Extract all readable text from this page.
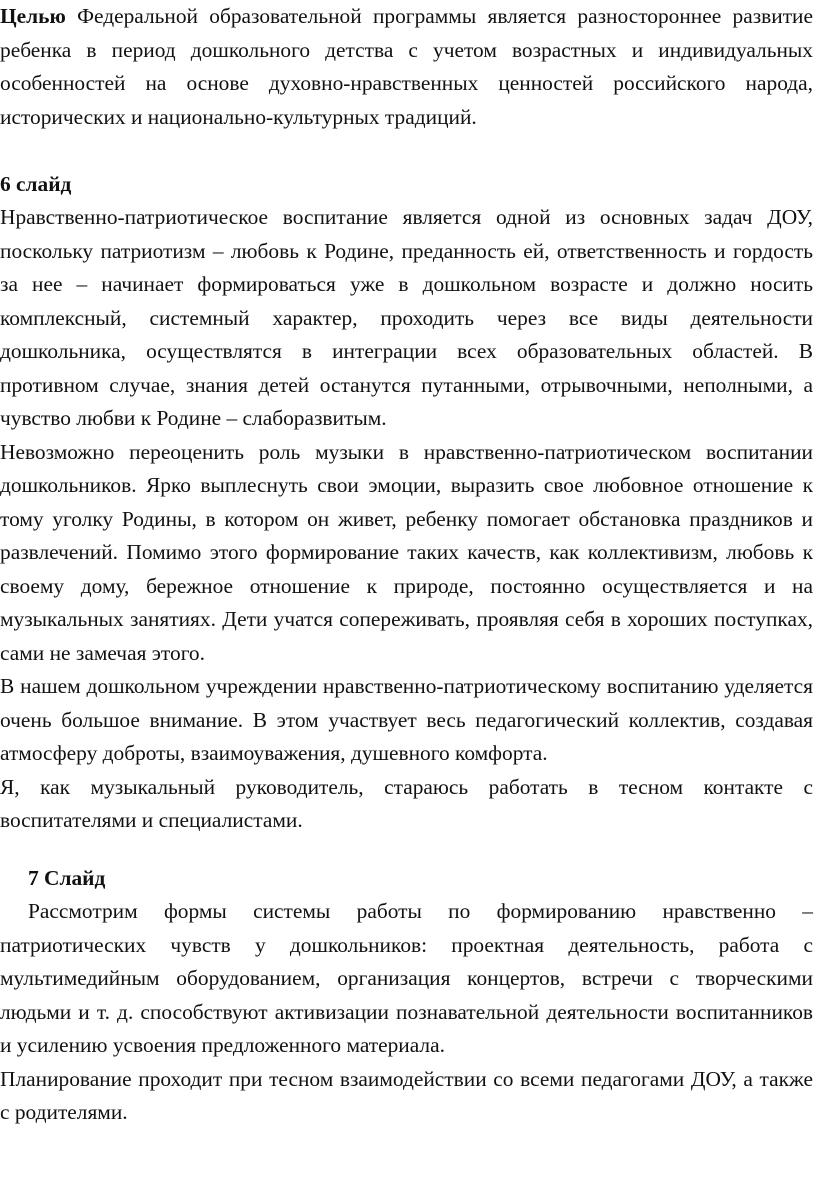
Целью Федеральной образовательной программы является разностороннее развитие ребенка в период дошкольного детства с учетом возрастных и индивидуальных особенностей на основе духовно-нравственных ценностей российского народа, исторических и национально-культурных традиций.

6 слайд

Нравственно-патриотическое воспитание является одной из основных задач ДОУ, поскольку патриотизм – любовь к Родине, преданность ей, ответственность и гордость за нее – начинает формироваться уже в дошкольном возрасте и должно носить комплексный, системный характер, проходить через все виды деятельности дошкольника, осуществлятся в интеграции всех образовательных областей. В противном случае, знания детей останутся путанными, отрывочными, неполными, а чувство любви к Родине – слаборазвитым.

Невозможно переоценить роль музыки в нравственно-патриотическом воспитании дошкольников. Ярко выплеснуть свои эмоции, выразить свое любовное отношение к тому уголку Родины, в котором он живет, ребенку помогает обстановка праздников и развлечений. Помимо этого формирование таких качеств, как коллективизм, любовь к своему дому, бережное отношение к природе, постоянно осуществляется и на музыкальных занятиях. Дети учатся сопереживать, проявляя себя в хороших поступках, сами не замечая этого.

В нашем дошкольном учреждении нравственно-патриотическому воспитанию уделяется очень большое внимание. В этом участвует весь педагогический коллектив, создавая атмосферу доброты, взаимоуважения, душевного комфорта.

Я, как музыкальный руководитель, стараюсь работать в тесном контакте с воспитателями и специалистами.

7 Слайд

Рассмотрим формы системы работы по формированию нравственно – патриотических чувств у дошкольников: проектная деятельность, работа с мультимедийным оборудованием, организация концертов, встречи с творческими людьми и т. д. способствуют активизации познавательной деятельности воспитанников и усилению усвоения предложенного материала.

Планирование проходит при тесном взаимодействии со всеми педагогами ДОУ, а также с родителями.
